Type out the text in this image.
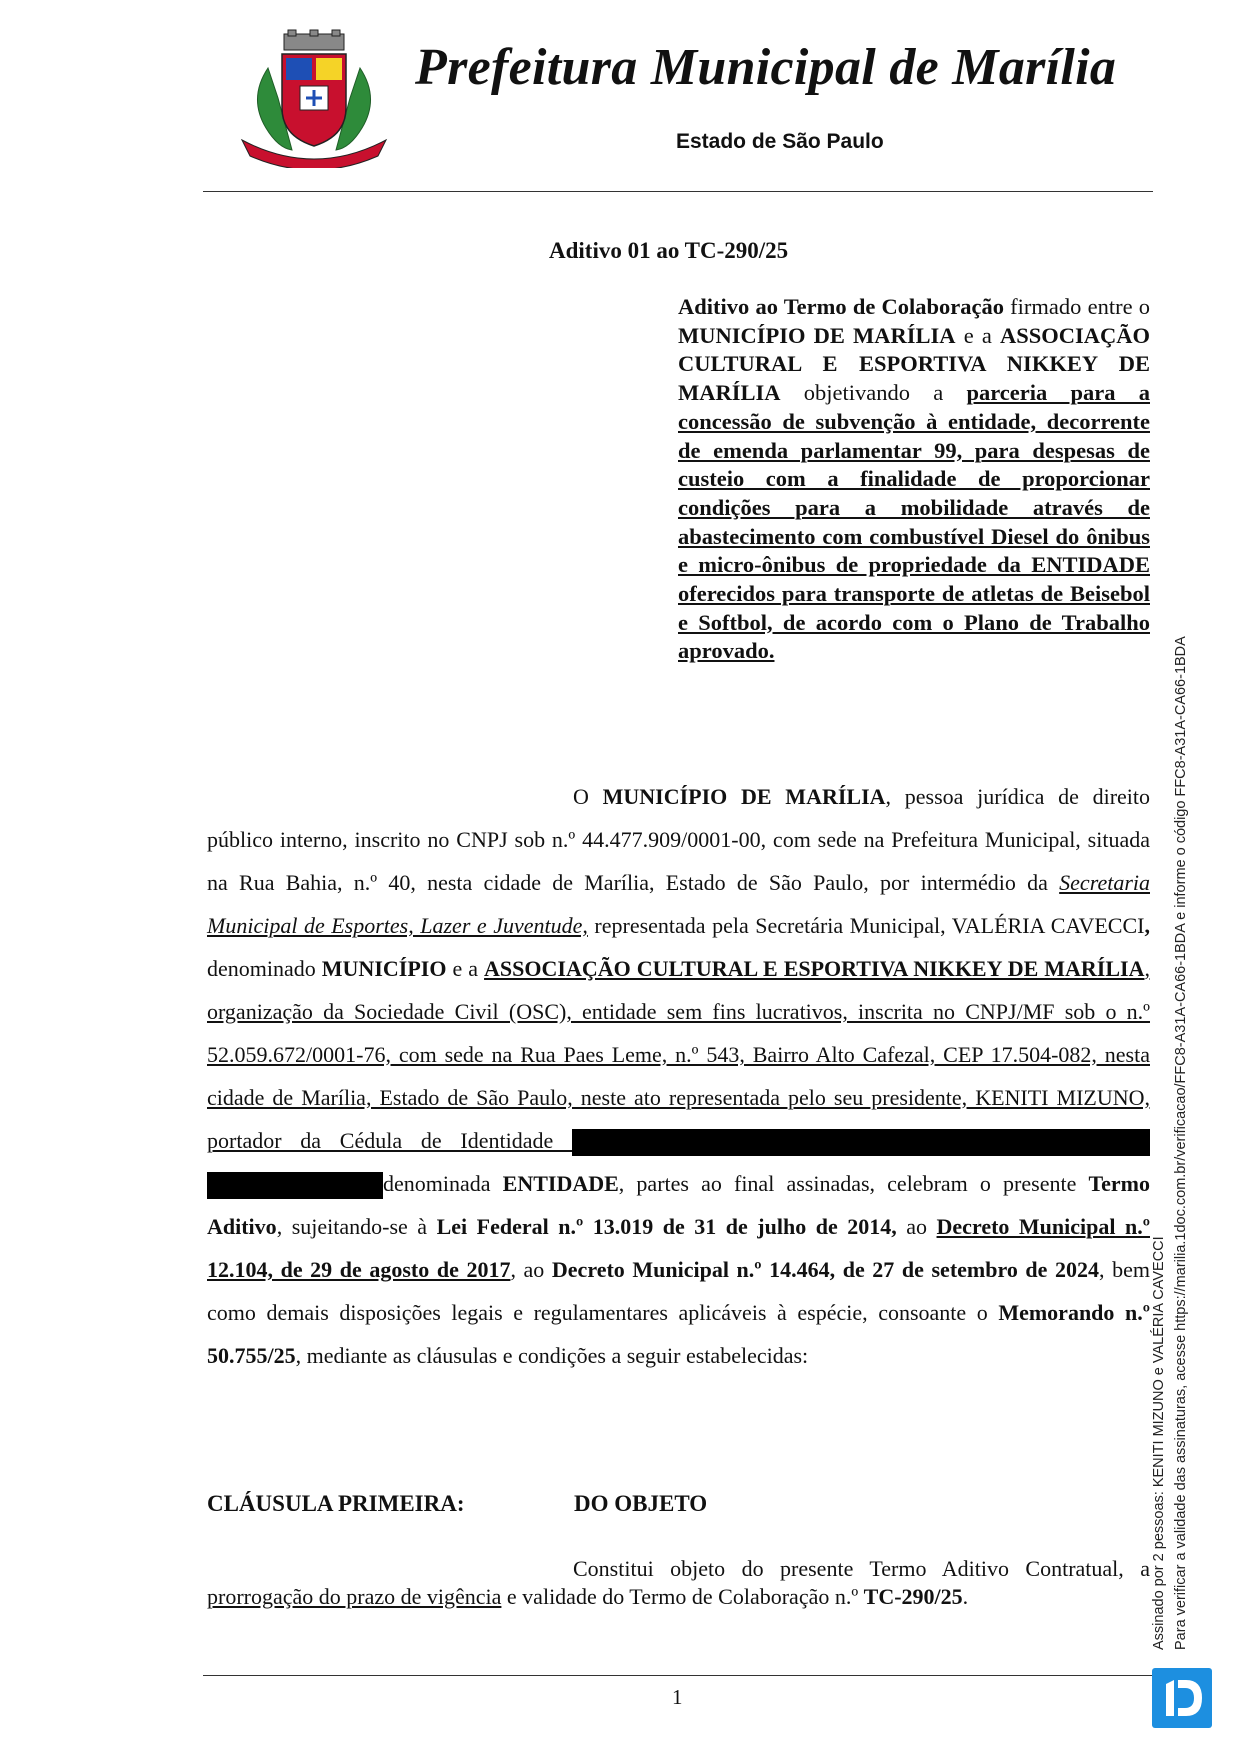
Prefeitura Municipal de Marília
Estado de São Paulo
Aditivo 01 ao TC-290/25
Aditivo ao Termo de Colaboração firmado entre o MUNICÍPIO DE MARÍLIA e a ASSOCIAÇÃO CULTURAL E ESPORTIVA NIKKEY DE MARÍLIA objetivando a parceria para a concessão de subvenção à entidade, decorrente de emenda parlamentar 99, para despesas de custeio com a finalidade de proporcionar condições para a mobilidade através de abastecimento com combustível Diesel do ônibus e micro-ônibus de propriedade da ENTIDADE oferecidos para transporte de atletas de Beisebol e Softbol, de acordo com o Plano de Trabalho aprovado.

O MUNICÍPIO DE MARÍLIA, pessoa jurídica de direito público interno, inscrito no CNPJ sob n.º 44.477.909/0001-00, com sede na Prefeitura Municipal, situada na Rua Bahia, n.º 40, nesta cidade de Marília, Estado de São Paulo, por intermédio da Secretaria Municipal de Esportes, Lazer e Juventude, representada pela Secretária Municipal, VALÉRIA CAVECCI, denominado MUNICÍPIO e a ASSOCIAÇÃO CULTURAL E ESPORTIVA NIKKEY DE MARÍLIA, organização da Sociedade Civil (OSC), entidade sem fins lucrativos, inscrita no CNPJ/MF sob o n.º 52.059.672/0001-76, com sede na Rua Paes Leme, n.º 543, Bairro Alto Cafezal, CEP 17.504-082, nesta cidade de Marília, Estado de São Paulo, neste ato representada pelo seu presidente, KENITI MIZUNO, portador da Cédula de Identidade denominada ENTIDADE, partes ao final assinadas, celebram o presente Termo Aditivo, sujeitando-se à Lei Federal n.º 13.019 de 31 de julho de 2014, ao Decreto Municipal n.º 12.104, de 29 de agosto de 2017, ao Decreto Municipal n.º 14.464, de 27 de setembro de 2024, bem como demais disposições legais e regulamentares aplicáveis à espécie, consoante o Memorando n.º 50.755/25, mediante as cláusulas e condições a seguir estabelecidas:

CLÁUSULA PRIMEIRA:	DO OBJETO
Constitui objeto do presente Termo Aditivo Contratual, a prorrogação do prazo de vigência e validade do Termo de Colaboração n.º TC-290/25.
1
Assinado por 2 pessoas: KENITI MIZUNO e VALÉRIA CAVECCI Para verificar a validade das assinaturas, acesse https://marilia.1doc.com.br/verificacao/FFC8-A31A-CA66-1BDA e informe o código FFC8-A31A-CA66-1BDA
